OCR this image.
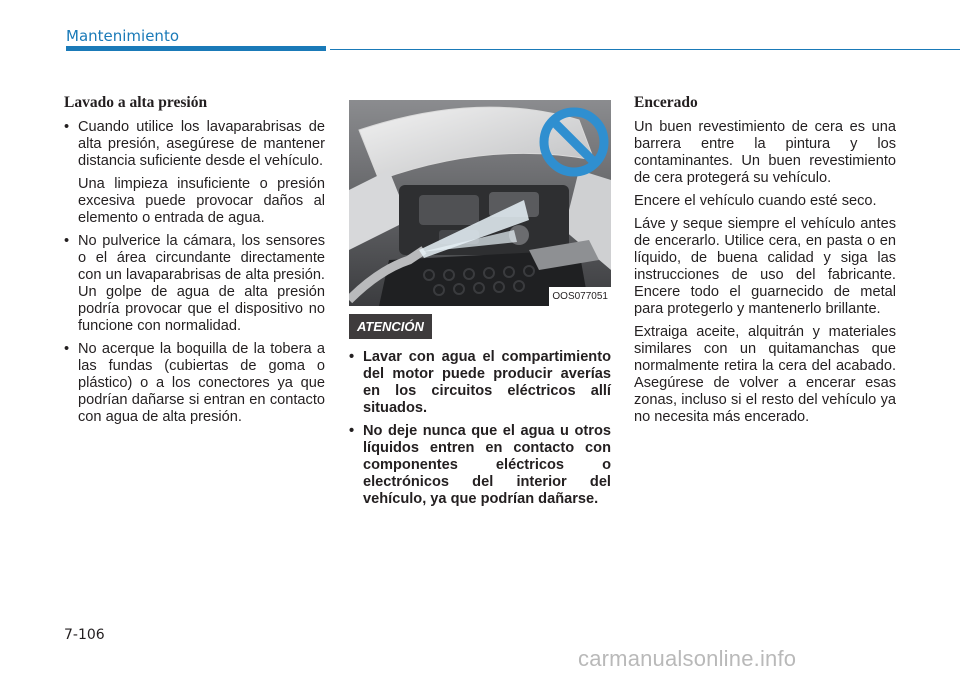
Mantenimiento
Lavado a alta presión
• Cuando utilice los lavaparabrisas de alta presión, asegúrese de mantener distancia suficiente desde el vehículo.
Una limpieza insuficiente o presión excesiva puede provocar daños al elemento o entrada de agua.
• No pulverice la cámara, los sensores o el área circundante directamente con un lavaparabrisas de alta presión. Un golpe de agua de alta presión podría provocar que el dispositivo no funcione con normalidad.
• No acerque la boquilla de la tobera a las fundas (cubiertas de goma o plástico) o a los conectores ya que podrían dañarse si entran en contacto con agua de alta presión.
OOS077051
ATENCIÓN
• Lavar con agua el compartimiento del motor puede producir averías en los circuitos eléctricos allí situados.
• No deje nunca que el agua u otros líquidos entren en contacto con componentes eléctricos o electrónicos del interior del vehículo, ya que podrían dañarse.
Encerado

Un buen revestimiento de cera es una barrera entre la pintura y los contaminantes. Un buen revestimiento de cera protegerá su vehículo.

Encere el vehículo cuando esté seco.

Láve y seque siempre el vehículo antes de encerarlo. Utilice cera, en pasta o en líquido, de buena calidad y siga las instrucciones de uso del fabricante. Encere todo el guarnecido de metal para protegerlo y mantenerlo brillante.

Extraiga aceite, alquitrán y materiales similares con un quitamanchas que normalmente retira la cera del acabado. Asegúrese de volver a encerar esas zonas, incluso si el resto del vehículo ya no necesita más encerado.

7-106
carmanualsonline.info
